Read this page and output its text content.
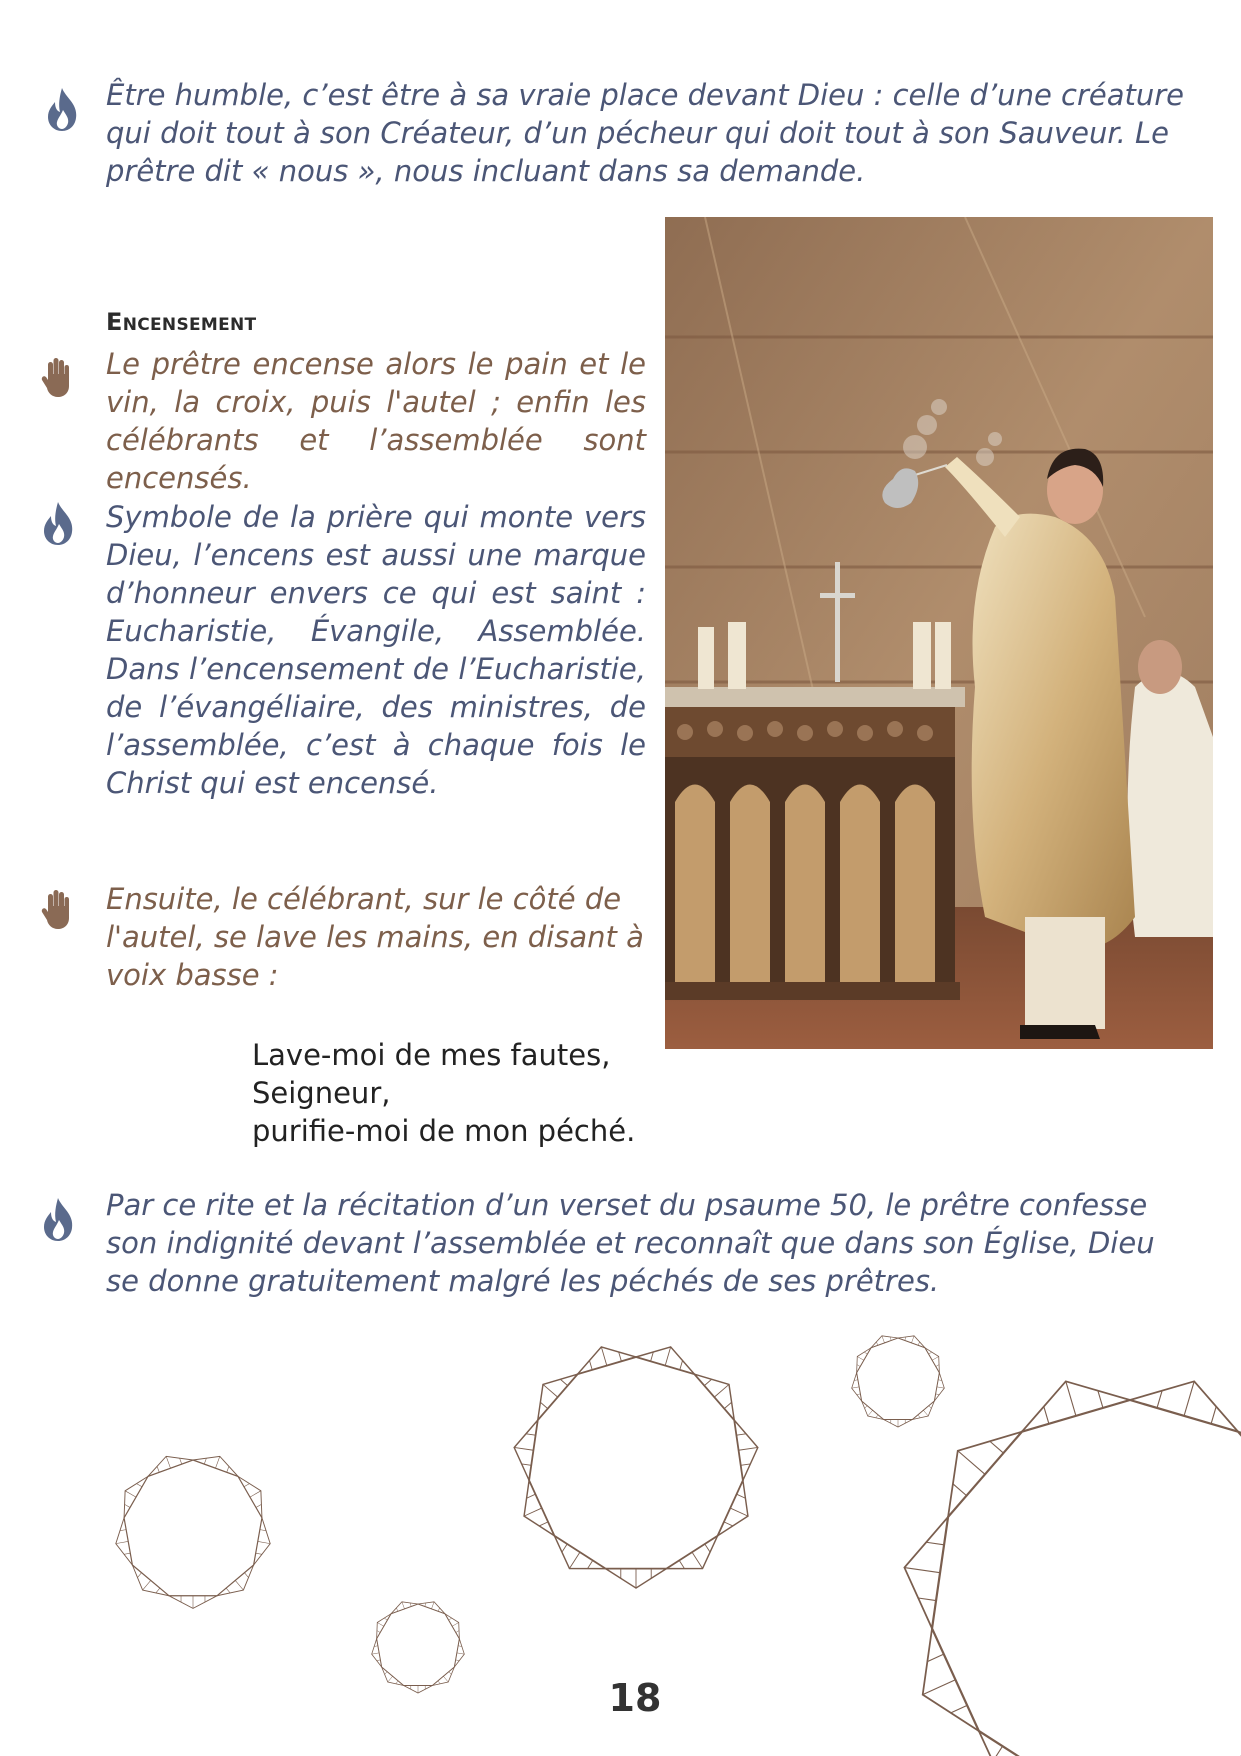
Être humble, c’est être à sa vraie place devant Dieu : celle d’une créature qui doit tout à son Créateur, d’un pécheur qui doit tout à son Sauveur. Le prêtre dit « nous », nous incluant dans sa demande.

Encensement

Le prêtre encense alors le pain et le vin, la croix, puis l'autel ; enfin les célébrants et l’assemblée sont encensés.

Symbole de la prière qui monte vers Dieu, l’encens est aussi une marque d’honneur envers ce qui est saint : Eucharistie, Évangile, Assemblée. Dans l’encensement de l’Eucharistie, de l’évangéliaire, des ministres, de l’assemblée, c’est à chaque fois le Christ qui est encensé.

Ensuite, le célébrant, sur le côté de l'autel, se lave les mains, en disant à voix basse :

Lave-moi de mes fautes,
Seigneur,
purifie-moi de mon péché.

Par ce rite et la récitation d’un verset du psaume 50, le prêtre confesse son indignité devant l’assemblée et reconnaît que dans son Église, Dieu se donne gratuitement malgré les péchés de ses prêtres.

18
